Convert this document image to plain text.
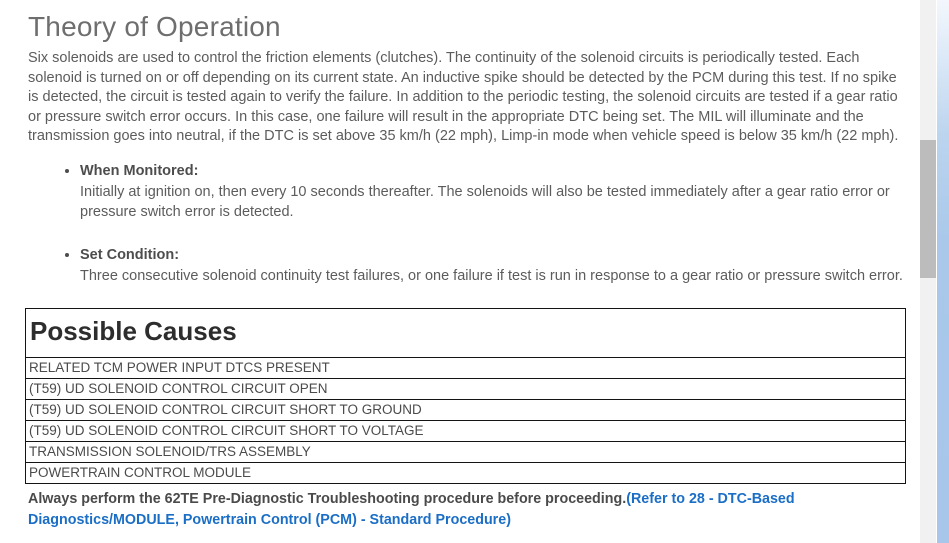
Theory of Operation

Six solenoids are used to control the friction elements (clutches). The continuity of the solenoid circuits is periodically tested. Each solenoid is turned on or off depending on its current state. An inductive spike should be detected by the PCM during this test. If no spike is detected, the circuit is tested again to verify the failure. In addition to the periodic testing, the solenoid circuits are tested if a gear ratio or pressure switch error occurs. In this case, one failure will result in the appropriate DTC being set. The MIL will illuminate and the transmission goes into neutral, if the DTC is set above 35 km/h (22 mph), Limp-in mode when vehicle speed is below 35 km/h (22 mph).

• When Monitored:
Initially at ignition on, then every 10 seconds thereafter. The solenoids will also be tested immediately after a gear ratio error or pressure switch error is detected.
• Set Condition:
Three consecutive solenoid continuity test failures, or one failure if test is run in response to a gear ratio or pressure switch error.
Possible Causes
RELATED TCM POWER INPUT DTCS PRESENT
(T59) UD SOLENOID CONTROL CIRCUIT OPEN
(T59) UD SOLENOID CONTROL CIRCUIT SHORT TO GROUND
(T59) UD SOLENOID CONTROL CIRCUIT SHORT TO VOLTAGE
TRANSMISSION SOLENOID/TRS ASSEMBLY
POWERTRAIN CONTROL MODULE

Always perform the 62TE Pre-Diagnostic Troubleshooting procedure before proceeding.(Refer to 28 - DTC-Based Diagnostics/MODULE, Powertrain Control (PCM) - Standard Procedure)
